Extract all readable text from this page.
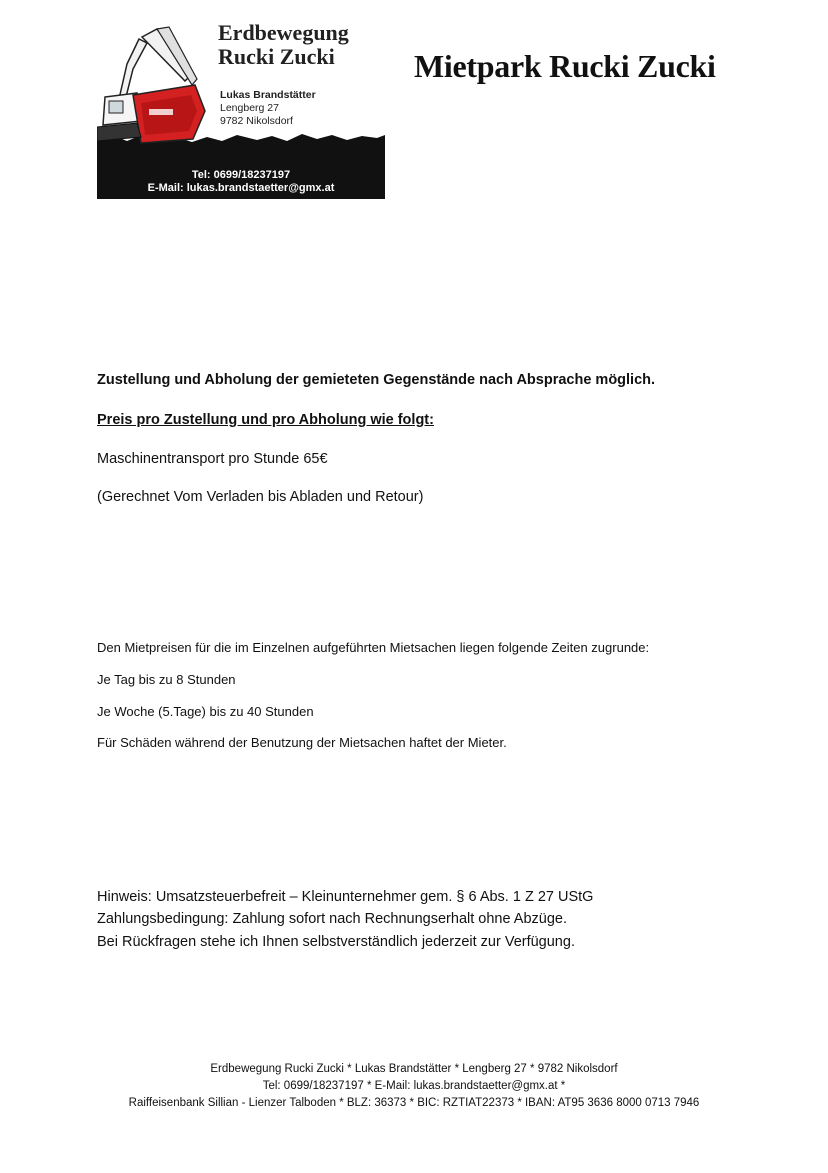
Erdbewegung
Rucki Zucki
Lukas Brandstätter
Lengberg 27
9782 Nikolsdorf
Tel: 0699/18237197
E-Mail: lukas.brandstaetter@gmx.at
Mietpark Rucki Zucki
Zustellung und Abholung der gemieteten Gegenstände nach Absprache möglich.
Preis pro Zustellung und pro Abholung wie folgt:
Maschinentransport pro Stunde 65€
(Gerechnet Vom Verladen bis Abladen und Retour)
Den Mietpreisen für die im Einzelnen aufgeführten Mietsachen liegen folgende Zeiten zugrunde:
Je Tag bis zu 8 Stunden
Je Woche (5.Tage) bis zu 40 Stunden
Für Schäden während der Benutzung der Mietsachen haftet der Mieter.
Hinweis: Umsatzsteuerbefreit – Kleinunternehmer gem. § 6 Abs. 1 Z 27 UStG
Zahlungsbedingung: Zahlung sofort nach Rechnungserhalt ohne Abzüge.
Bei Rückfragen stehe ich Ihnen selbstverständlich jederzeit zur Verfügung.
Erdbewegung Rucki Zucki * Lukas Brandstätter * Lengberg 27 * 9782 Nikolsdorf
Tel: 0699/18237197 * E-Mail: lukas.brandstaetter@gmx.at *
Raiffeisenbank Sillian - Lienzer Talboden * BLZ: 36373 * BIC: RZTIAT22373 * IBAN: AT95 3636 8000 0713 7946
